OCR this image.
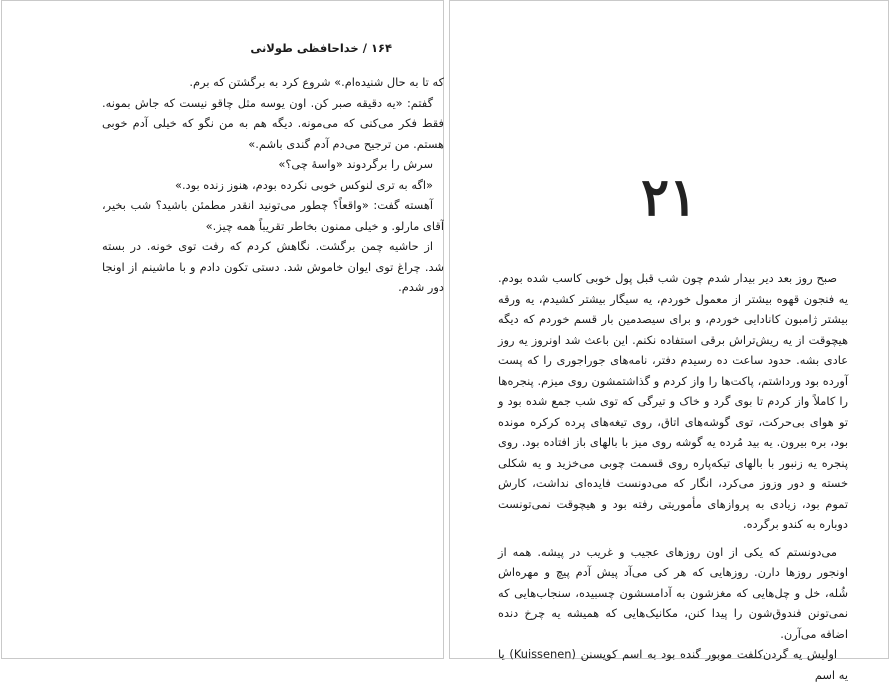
۱۶۴ / خداحافظی طولانی

که تا به حال شنیده‌ام.» شروع کرد به برگشتن که برم.

گفتم: «یه دقیقه صبر کن. اون یوسه مثل چاقو نیست که جاش بمونه. فقط فکر می‌کنی که می‌مونه. دیگه هم به من نگو که خیلی آدم خوبی هستم. من ترجیح می‌دم آدم گندی باشم.»

سرش را برگردوند «واسهٔ چی؟»

«اگه به تری لنوکس خوبی نکرده بودم، هنوز زنده بود.»

آهسته گفت: «واقعاً؟ چطور می‌تونید انقدر مطمئن باشید؟ شب بخیر، آقای مارلو. و خیلی ممنون بخاطر تقریباً همه چیز.»

از حاشیه چمن برگشت. نگاهش کردم که رفت توی خونه. در بسته شد. چراغ توی ایوان خاموش شد. دستی تکون دادم و با ماشینم از اونجا دور شدم.

۲۱

صبح روز بعد دیر بیدار شدم چون شب قبل پول خوبی کاسب شده بودم. یه فنجون قهوه بیشتر از معمول خوردم، یه سیگار بیشتر کشیدم، یه ورقه بیشتر ژامبون کانادایی خوردم، و برای سیصدمین بار قسم خوردم که دیگه هیچوقت از یه ریش‌تراش برقی استفاده نکنم. این باعث شد اونروز یه روز عادی بشه. حدود ساعت ده رسیدم دفتر، نامه‌های جوراجوری را که پست آورده بود ورداشتم، پاکت‌ها را واز کردم و گذاشتمشون روی میزم. پنجره‌ها را کاملاً واز کردم تا بوی گرد و خاک و تیرگی که توی شب جمع شده بود و تو هوای بی‌حرکت، توی گوشه‌های اتاق، روی تیغه‌های پرده کرکره مونده بود، بره بیرون. یه بید مُرده یه گوشه روی میز با بالهای باز افتاده بود. روی پنجره یه زنبور با بالهای تیکه‌پاره روی قسمت چوبی می‌خزید و یه شکلی خسته و دور وزوز می‌کرد، انگار که می‌دونست فایده‌ای نداشت، کارش تموم بود، زیادی به پروازهای مأموریتی رفته بود و هیچوقت نمی‌تونست دوباره به کندو برگرده.

می‌دونستم که یکی از اون روزهای عجیب و غریب در پیشه. همه از اونجور روزها دارن. روزهایی که هر کی می‌آد پیش آدم پیچ و مهره‌اش شُله، خل و چل‌هایی که مغزشون به آدامسشون چسبیده، سنجاب‌هایی که نمی‌تونن فندوق‌شون را پیدا کنن، مکانیک‌هایی که همیشه یه چرخ دنده اضافه می‌آرن.

اولیش یه گردن‌کلفت موبور گنده بود به اسم کویسنن (Kuissenen) یا یه اسم
